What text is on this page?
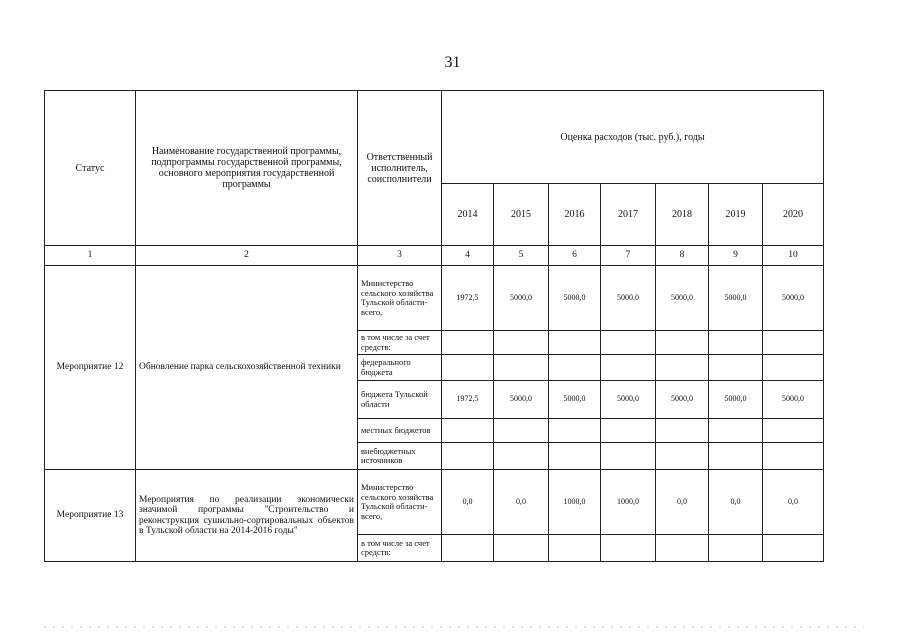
31
Статус	Наименование государственной программы, подпрограммы государственной программы, основного мероприятия государственной программы	Ответственный исполнитель, соисполнители	Оценка расходов (тыс. руб.), годы						
			2014	2015	2016	2017	2018	2019	2020
1	2	3	4	5	6	7	8	9	10
Мероприятие 12	Обновление парка сельскохозяйственной техники	Министерство сельского хозяйства Тульской области- всего,	1972,5	5000,0	5000,0	5000,0	5000,0	5000,0	5000,0
		в том числе за счет средств:							
		федерального бюджета							
		бюджета Тульской области	1972,5	5000,0	5000,0	5000,0	5000,0	5000,0	5000,0
		местных бюджетов							
		внебюджетных источников							
Мероприятие 13	Мероприятия по реализации экономически значимой программы "Строительство и реконструкция сушильно-сортировальных объектов в Тульской области на 2014-2016 годы"	Министерство сельского хозяйства Тульской области- всего,	0,0	0,0	1000,0	1000,0	0,0	0,0	0,0
		в том числе за счет средств:							
